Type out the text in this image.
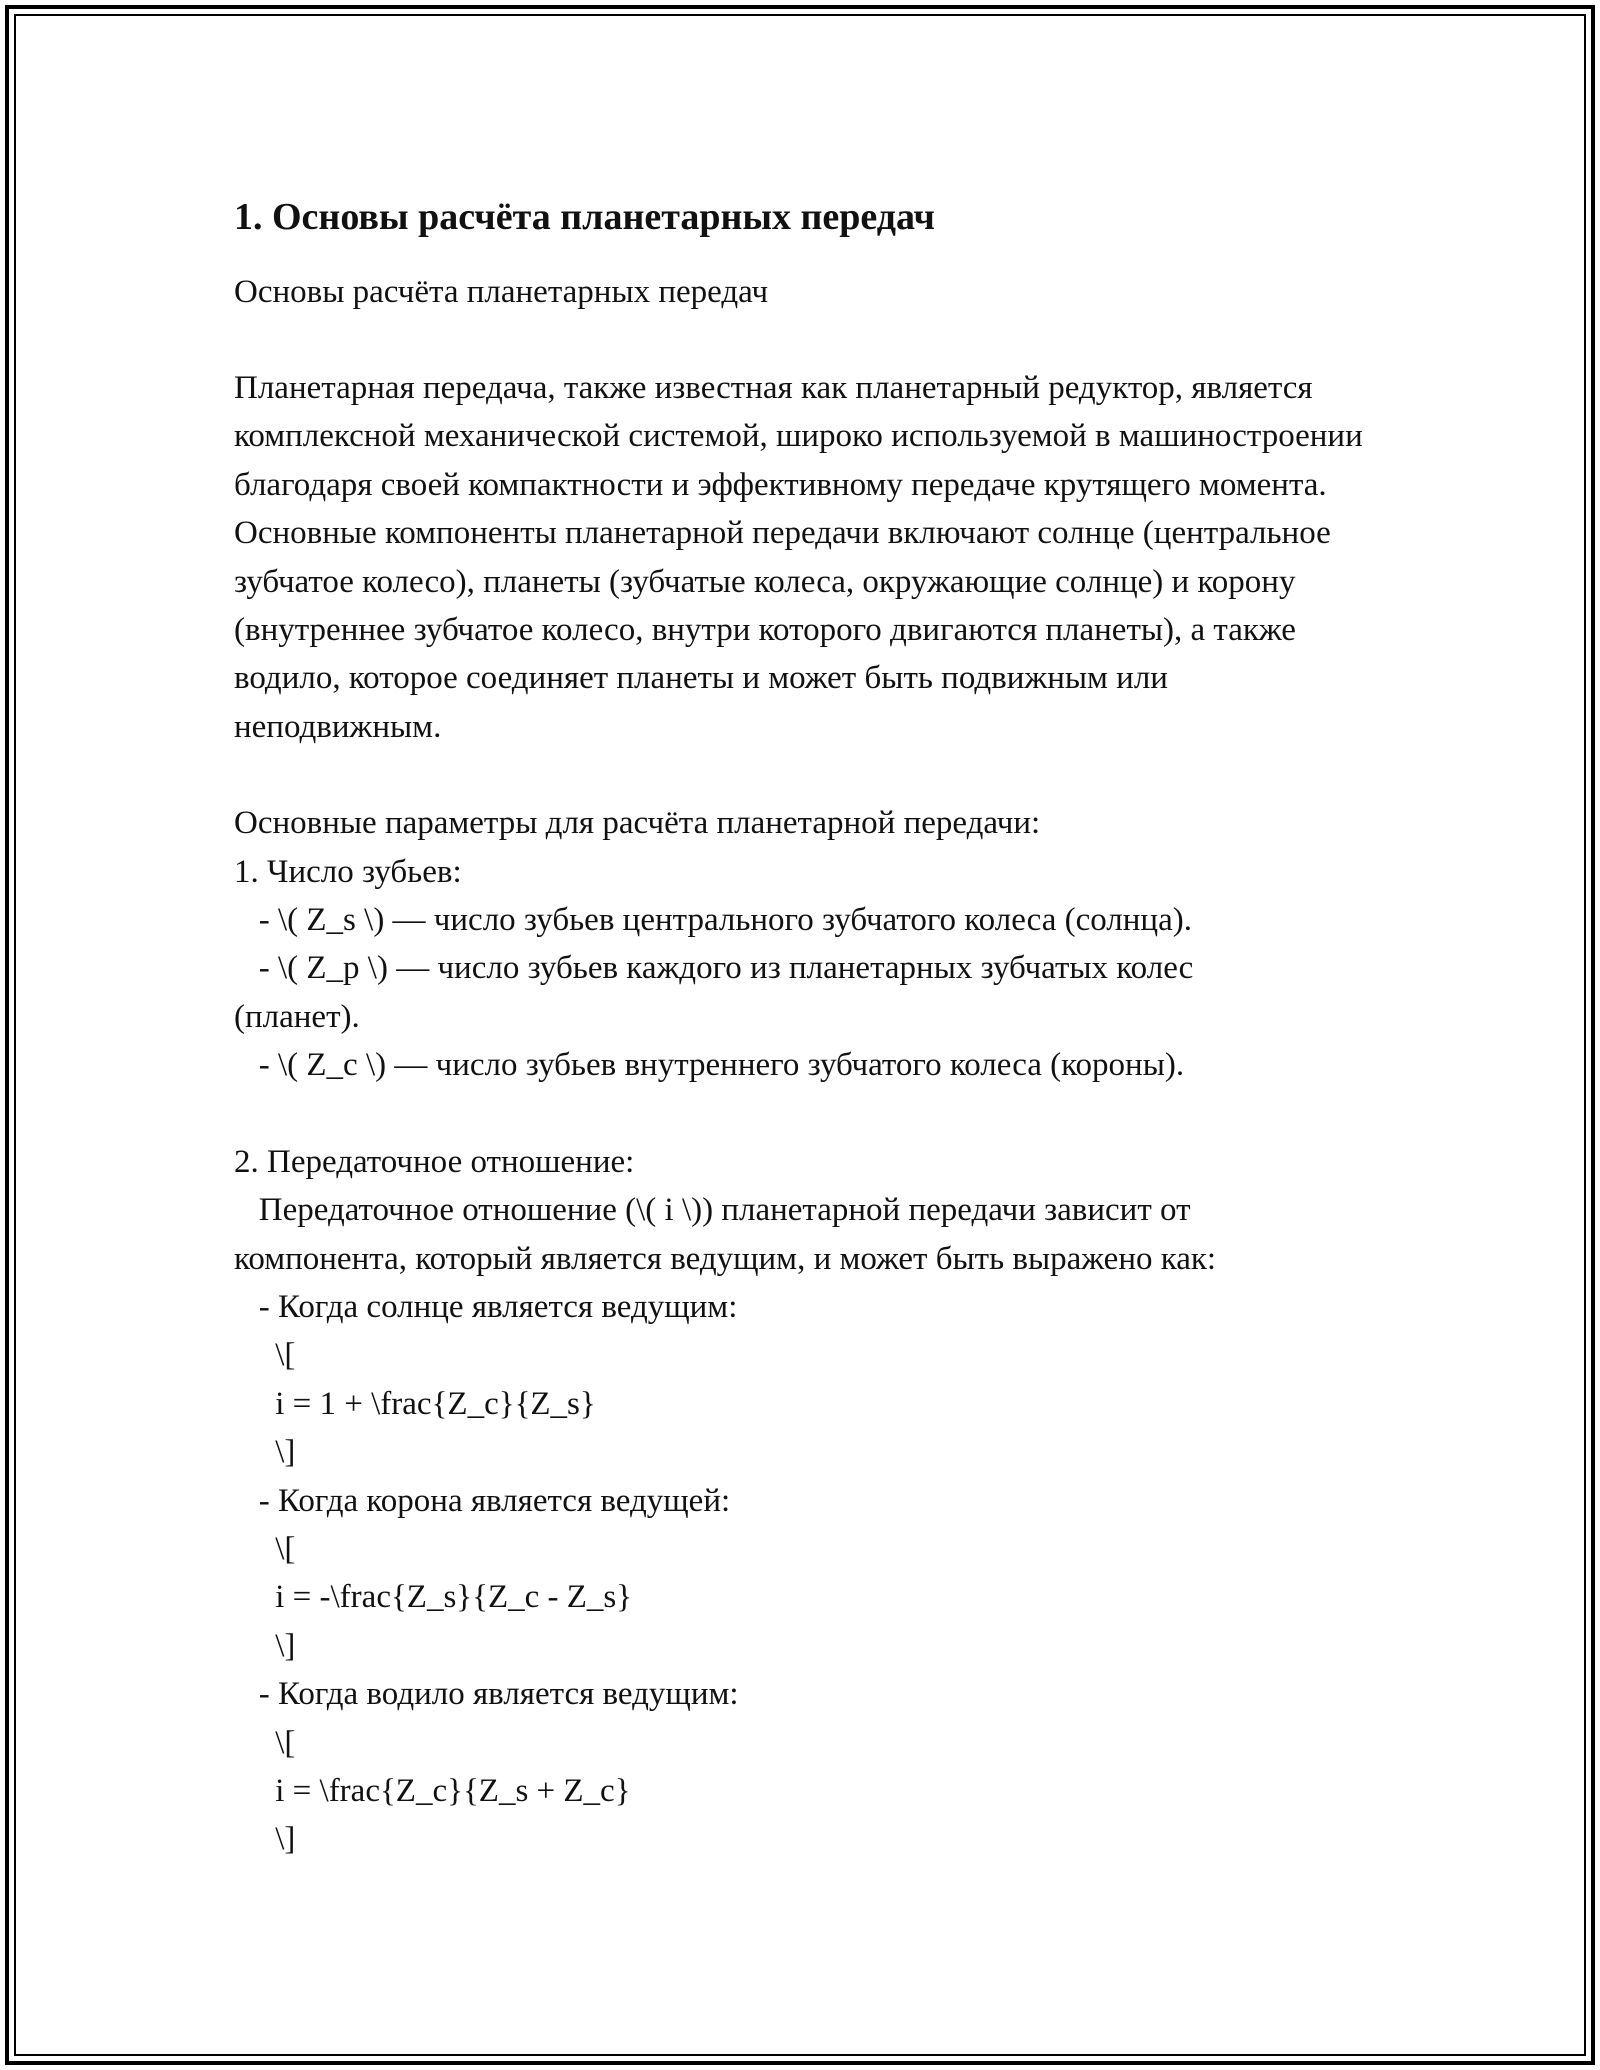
1. Основы расчёта планетарных передач

Основы расчёта планетарных передач

Планетарная передача, также известная как планетарный редуктор, является комплексной механической системой, широко используемой в машиностроении благодаря своей компактности и эффективному передаче крутящего момента. Основные компоненты планетарной передачи включают солнце (центральное зубчатое колесо), планеты (зубчатые колеса, окружающие солнце) и корону (внутреннее зубчатое колесо, внутри которого двигаются планеты), а также водило, которое соединяет планеты и может быть подвижным или неподвижным.

Основные параметры для расчёта планетарной передачи:
1. Число зубьев:
- \( Z_s \) — число зубьев центрального зубчатого колеса (солнца).
- \( Z_p \) — число зубьев каждого из планетарных зубчатых колес
(планет).
- \( Z_c \) — число зубьев внутреннего зубчатого колеса (короны).
2. Передаточное отношение:
Передаточное отношение (\( i \)) планетарной передачи зависит от
компонента, который является ведущим, и может быть выражено как:
- Когда солнце является ведущим:
\[
i = 1 + \frac{Z_c}{Z_s}
\]
- Когда корона является ведущей:
\[
i = -\frac{Z_s}{Z_c - Z_s}
\]
- Когда водило является ведущим:
\[
i = \frac{Z_c}{Z_s + Z_c}
\]
